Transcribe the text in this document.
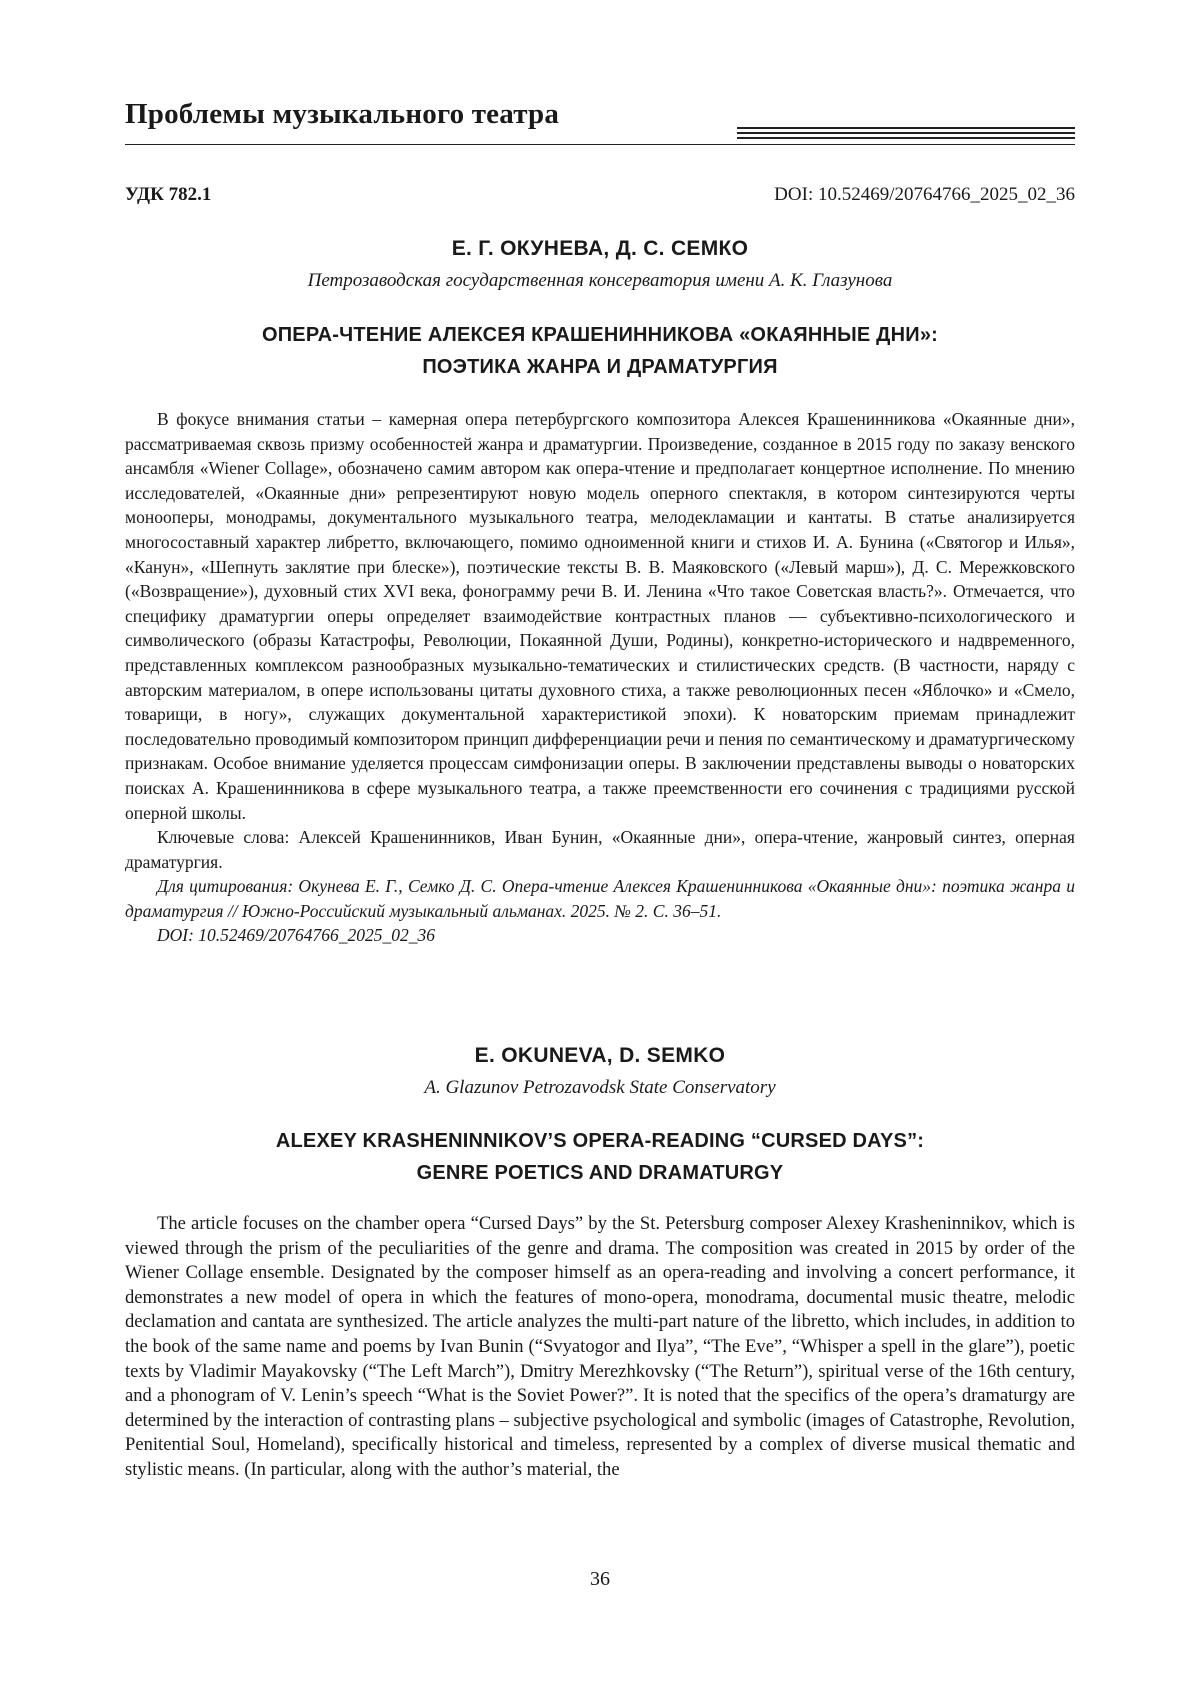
Проблемы музыкального театра
УДК 782.1	DOI: 10.52469/20764766_2025_02_36
Е. Г. ОКУНЕВА, Д. С. СЕМКО
Петрозаводская государственная консерватория имени А. К. Глазунова
ОПЕРА-ЧТЕНИЕ АЛЕКСЕЯ КРАШЕНИННИКОВА «ОКАЯННЫЕ ДНИ»:
ПОЭТИКА ЖАНРА И ДРАМАТУРГИЯ

В фокусе внимания статьи – камерная опера петербургского композитора Алексея Крашенинникова «Окаянные дни», рассматриваемая сквозь призму особенностей жанра и драматургии. Произведение, созданное в 2015 году по заказу венского ансамбля «Wiener Collage», обозначено самим автором как опера-чтение и предполагает концертное исполнение. По мнению исследователей, «Окаянные дни» репрезентируют новую модель оперного спектакля, в котором синтезируются черты монооперы, монодрамы, документального музыкального театра, мелодекламации и кантаты. В статье анализируется многосоставный характер либретто, включающего, помимо одноименной книги и стихов И. А. Бунина («Святогор и Илья», «Канун», «Шепнуть заклятие при блеске»), поэтические тексты В. В. Маяковского («Левый марш»), Д. С. Мережковского («Возвращение»), духовный стих XVI века, фонограмму речи В. И. Ленина «Что такое Советская власть?». Отмечается, что специфику драматургии оперы определяет взаимодействие контрастных планов — субъективно-психологического и символического (образы Катастрофы, Революции, Покаянной Души, Родины), конкретно-исторического и надвременного, представленных комплексом разнообразных музыкально-тематических и стилистических средств. (В частности, наряду с авторским материалом, в опере использованы цитаты духовного стиха, а также революционных песен «Яблочко» и «Смело, товарищи, в ногу», служащих документальной характеристикой эпохи). К новаторским приемам принадлежит последовательно проводимый композитором принцип дифференциации речи и пения по семантическому и драматургическому признакам. Особое внимание уделяется процессам симфонизации оперы. В заключении представлены выводы о новаторских поисках А. Крашенинникова в сфере музыкального театра, а также преемственности его сочинения с традициями русской оперной школы.

Ключевые слова: Алексей Крашенинников, Иван Бунин, «Окаянные дни», опера-чтение, жанровый синтез, оперная драматургия.

Для цитирования: Окунева Е. Г., Семко Д. С. Опера-чтение Алексея Крашенинникова «Окаянные дни»: поэтика жанра и драматургия // Южно-Российский музыкальный альманах. 2025. № 2. С. 36–51.

DOI: 10.52469/20764766_2025_02_36

E. OKUNEVA, D. SEMKO
A. Glazunov Petrozavodsk State Conservatory
ALEXEY KRASHENINNIKOV’S OPERA-READING “CURSED DAYS”:
GENRE POETICS AND DRAMATURGY

The article focuses on the chamber opera “Cursed Days” by the St. Petersburg composer Alexey Krasheninnikov, which is viewed through the prism of the peculiarities of the genre and drama. The composition was created in 2015 by order of the Wiener Collage ensemble. Designated by the composer himself as an opera-reading and involving a concert performance, it demonstrates a new model of opera in which the features of mono-opera, monodrama, documental music theatre, melodic declamation and cantata are synthesized. The article analyzes the multi-part nature of the libretto, which includes, in addition to the book of the same name and poems by Ivan Bunin (“Svyatogor and Ilya”, “The Eve”, “Whisper a spell in the glare”), poetic texts by Vladimir Mayakovsky (“The Left March”), Dmitry Merezhkovsky (“The Return”), spiritual verse of the 16th century, and a phonogram of V. Lenin’s speech “What is the Soviet Power?”. It is noted that the specifics of the opera’s dramaturgy are determined by the interaction of contrasting plans – subjective psychological and symbolic (images of Catastrophe, Revolution, Penitential Soul, Homeland), specifically historical and timeless, represented by a complex of diverse musical thematic and stylistic means. (In particular, along with the author’s material, the

36
